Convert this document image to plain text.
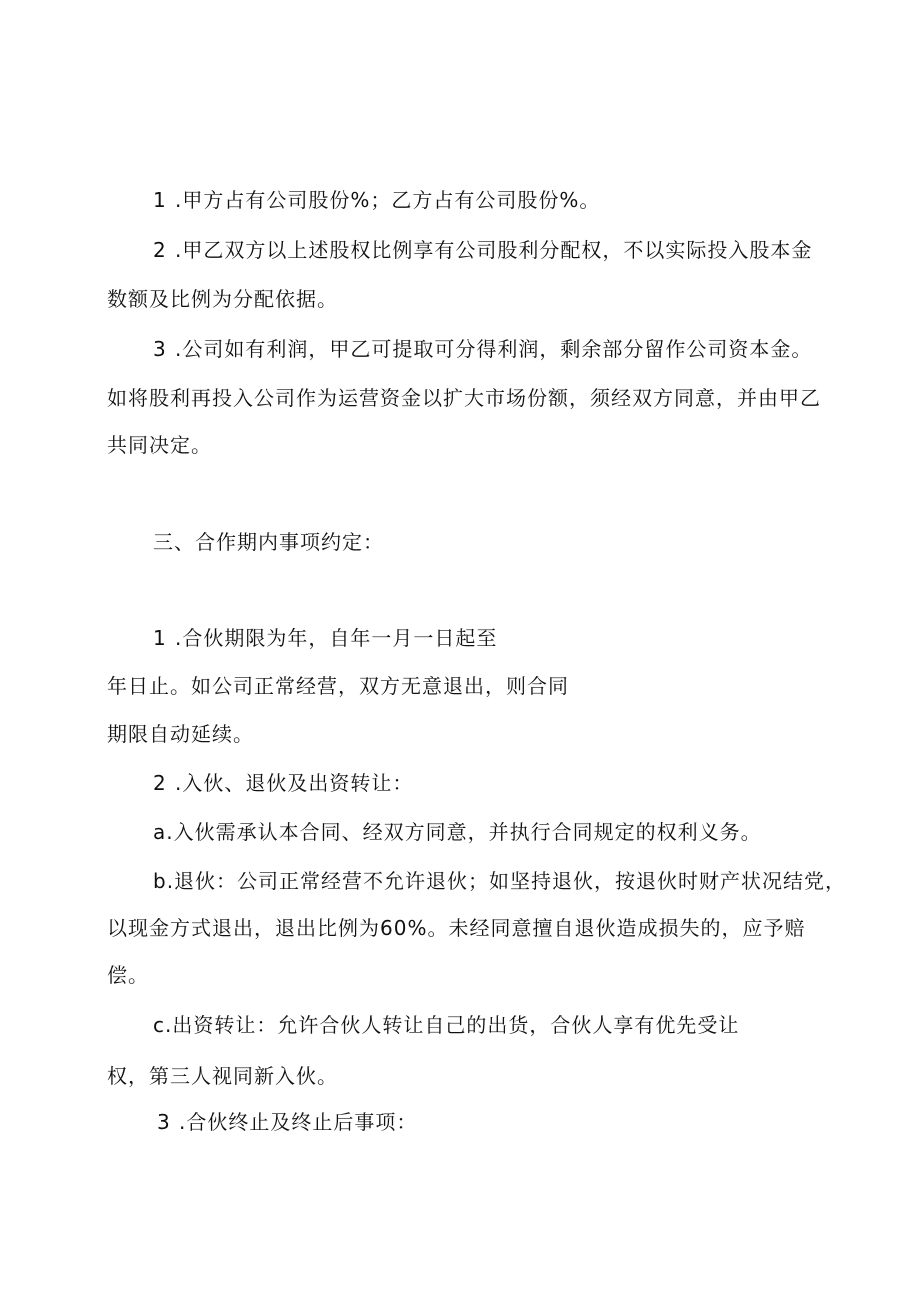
1 .甲方占有公司股份%；乙方占有公司股份%。
2 .甲乙双方以上述股权比例享有公司股利分配权，不以实际投入股本金
数额及比例为分配依据。
3 .公司如有利润，甲乙可提取可分得利润，剩余部分留作公司资本金。
如将股利再投入公司作为运营资金以扩大市场份额，须经双方同意，并由甲乙
共同决定。
三、合作期内事项约定：
1 .合伙期限为年，自年一月一日起至
年日止。如公司正常经营，双方无意退出，则合同
期限自动延续。
2 .入伙、退伙及出资转让：
a.入伙需承认本合同、经双方同意，并执行合同规定的权利义务。
b.退伙：公司正常经营不允许退伙；如坚持退伙，按退伙时财产状况结党，
以现金方式退出，退出比例为60%。未经同意擅自退伙造成损失的，应予赔
偿。
c.出资转让：允许合伙人转让自己的出货，合伙人享有优先受让
权，第三人视同新入伙。
3 .合伙终止及终止后事项：
